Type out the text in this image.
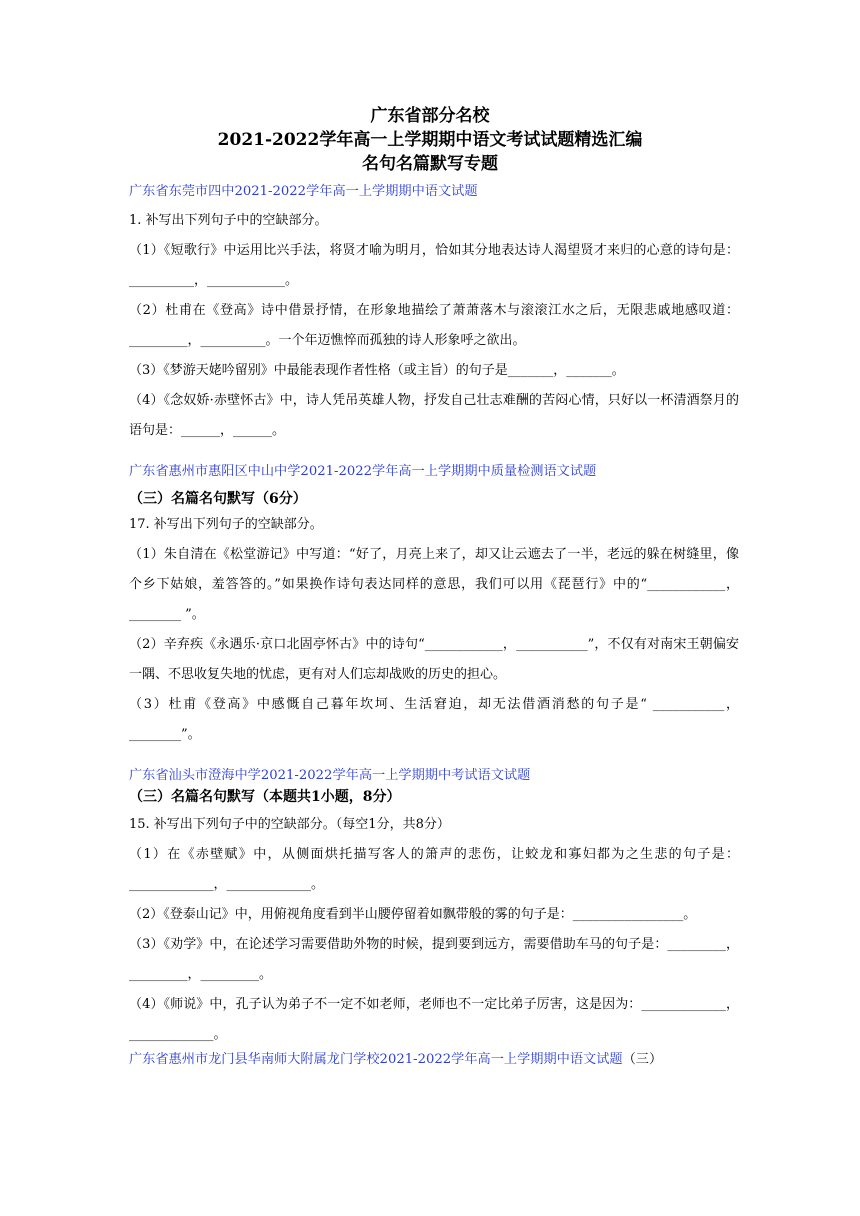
广东省部分名校
2021-2022学年高一上学期期中语文考试试题精选汇编
名句名篇默写专题
广东省东莞市四中2021-2022学年高一上学期期中语文试题
1. 补写出下列句子中的空缺部分。
（1）《短歌行》中运用比兴手法，将贤才喻为明月，恰如其分地表达诗人渴望贤才来归的心意的诗句是：__________，____________。
（2）杜甫在《登高》诗中借景抒情，在形象地描绘了萧萧落木与滚滚江水之后，无限悲戚地感叹道：_________，__________。一个年迈憔悴而孤独的诗人形象呼之欲出。
（3）《梦游天姥吟留别》中最能表现作者性格（或主旨）的句子是_______，_______。
（4）《念奴娇·赤壁怀古》中，诗人凭吊英雄人物，抒发自己壮志难酬的苦闷心情，只好以一杯清酒祭月的语句是：______，______。
广东省惠州市惠阳区中山中学2021-2022学年高一上学期期中质量检测语文试题
（三）名篇名句默写（6分）
17. 补写出下列句子的空缺部分。
（1）朱自清在《松堂游记》中写道：“好了，月亮上来了，却又让云遮去了一半，老远的躲在树缝里，像个乡下姑娘，羞答答的。”如果换作诗句表达同样的意思，我们可以用《琵琶行》中的“____________，________ ”。
（2）辛弃疾《永遇乐·京口北固亭怀古》中的诗句“____________，___________”，不仅有对南宋王朝偏安一隅、不思收复失地的忧虑，更有对人们忘却战败的历史的担心。
（3）杜甫《登高》中感慨自己暮年坎坷、生活窘迫，却无法借酒消愁的句子是“ ___________，________”。
广东省汕头市澄海中学2021-2022学年高一上学期期中考试语文试题
（三）名篇名句默写（本题共1小题，8分）
15. 补写出下列句子中的空缺部分。（每空1分，共8分）
（1）在《赤壁赋》中，从侧面烘托描写客人的箫声的悲伤，让蛟龙和寡妇都为之生悲的句子是：_____________，_____________。
（2）《登泰山记》中，用俯视角度看到半山腰停留着如飘带般的雾的句子是：_________________。
（3）《劝学》中，在论述学习需要借助外物的时候，提到要到远方，需要借助车马的句子是：_________，_________，_________。
（4）《师说》中，孔子认为弟子不一定不如老师，老师也不一定比弟子厉害，这是因为：_____________，_____________。
广东省惠州市龙门县华南师大附属龙门学校2021-2022学年高一上学期期中语文试题（三）
